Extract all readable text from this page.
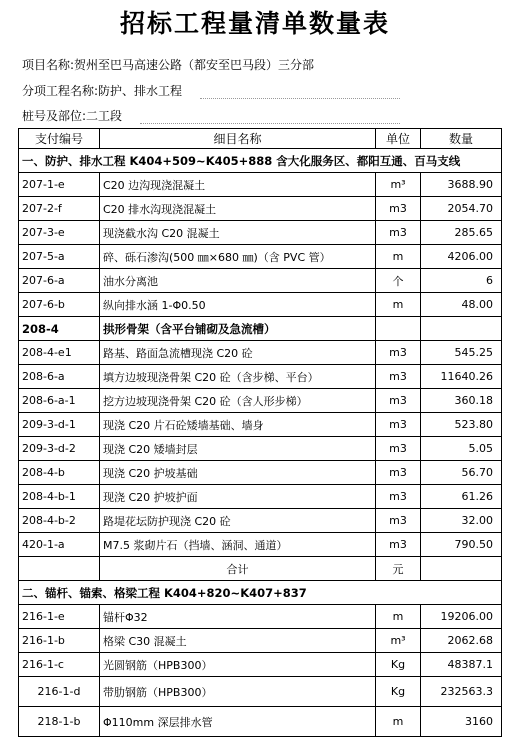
招标工程量清单数量表
项目名称:贺州至巴马高速公路（都安至巴马段）三分部
分项工程名称:防护、排水工程
桩号及部位:二工段
支付编号	细目名称	单位	数量
一、防护、排水工程 K404+509~K405+888 含大化服务区、都阳互通、百马支线			
207-1-e	C20 边沟现浇混凝土	m³	3688.90
207-2-f	C20 排水沟现浇混凝土	m3	2054.70
207-3-e	现浇截水沟 C20 混凝土	m3	285.65
207-5-a	碎、砾石渗沟(500 ㎜×680 ㎜)（含 PVC 管）	m	4206.00
207-6-a	油水分离池	个	6
207-6-b	纵向排水涵 1-Φ0.50	m	48.00
208-4	拱形骨架（含平台铺砌及急流槽）		
208-4-e1	路基、路面急流槽现浇 C20 砼	m3	545.25
208-6-a	填方边坡现浇骨架 C20 砼（含步梯、平台）	m3	11640.26
208-6-a-1	挖方边坡现浇骨架 C20 砼（含人形步梯）	m3	360.18
209-3-d-1	现浇 C20 片石砼矮墙基础、墙身	m3	523.80
209-3-d-2	现浇 C20 矮墙封层	m3	5.05
208-4-b	现浇 C20 护坡基础	m3	56.70
208-4-b-1	现浇 C20 护坡护面	m3	61.26
208-4-b-2	路堤花坛防护现浇 C20 砼	m3	32.00
420-1-a	M7.5 浆砌片石（挡墙、涵洞、通道）	m3	790.50
	合计	元	
二、锚杆、锚索、格梁工程 K404+820~K407+837			
216-1-e	锚杆Φ32	m	19206.00
216-1-b	格梁 C30 混凝土	m³	2062.68
216-1-c	光圆钢筋（HPB300）	Kg	48387.1
216-1-d	带肋钢筋（HPB300）	Kg	232563.3
218-1-b	Φ110mm 深层排水管	m	3160
